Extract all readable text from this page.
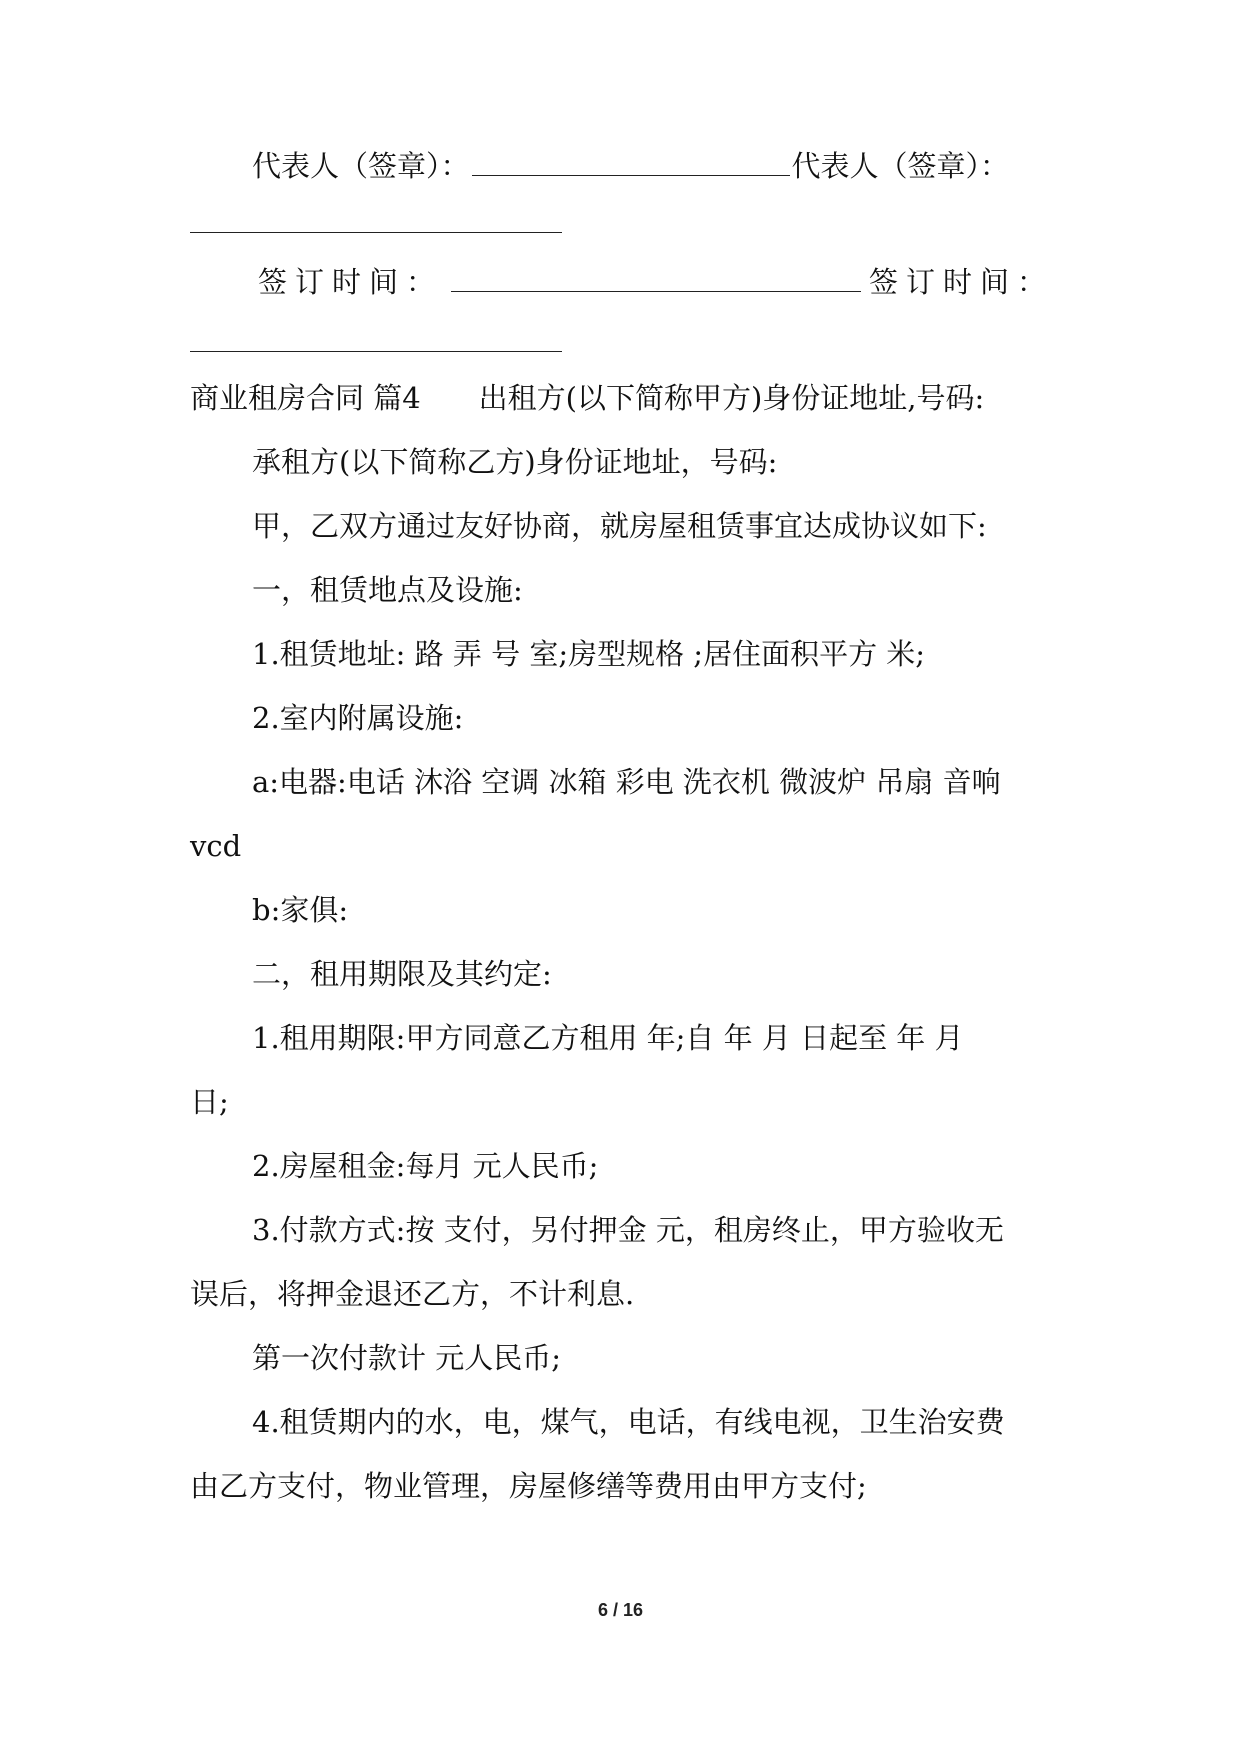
代表人（签章）：	代表人（签章）：
签订时间：	签订时间：
商业租房合同 篇4 出租方(以下简称甲方)身份证地址,号码:
承租方(以下简称乙方)身份证地址，号码:
甲，乙双方通过友好协商，就房屋租赁事宜达成协议如下:
一，租赁地点及设施:
1.租赁地址: 路 弄 号 室;房型规格 ;居住面积平方 米;
2.室内附属设施:
a:电器:电话 沐浴 空调 冰箱 彩电 洗衣机 微波炉 吊扇 音响
vcd
b:家俱:
二，租用期限及其约定:
1.租用期限:甲方同意乙方租用 年;自 年 月 日起至 年 月
日;
2.房屋租金:每月 元人民币;
3.付款方式:按 支付，另付押金 元，租房终止，甲方验收无
误后，将押金退还乙方，不计利息.
第一次付款计 元人民币;
4.租赁期内的水，电，煤气，电话，有线电视，卫生治安费
由乙方支付，物业管理，房屋修缮等费用由甲方支付;
6 / 16
